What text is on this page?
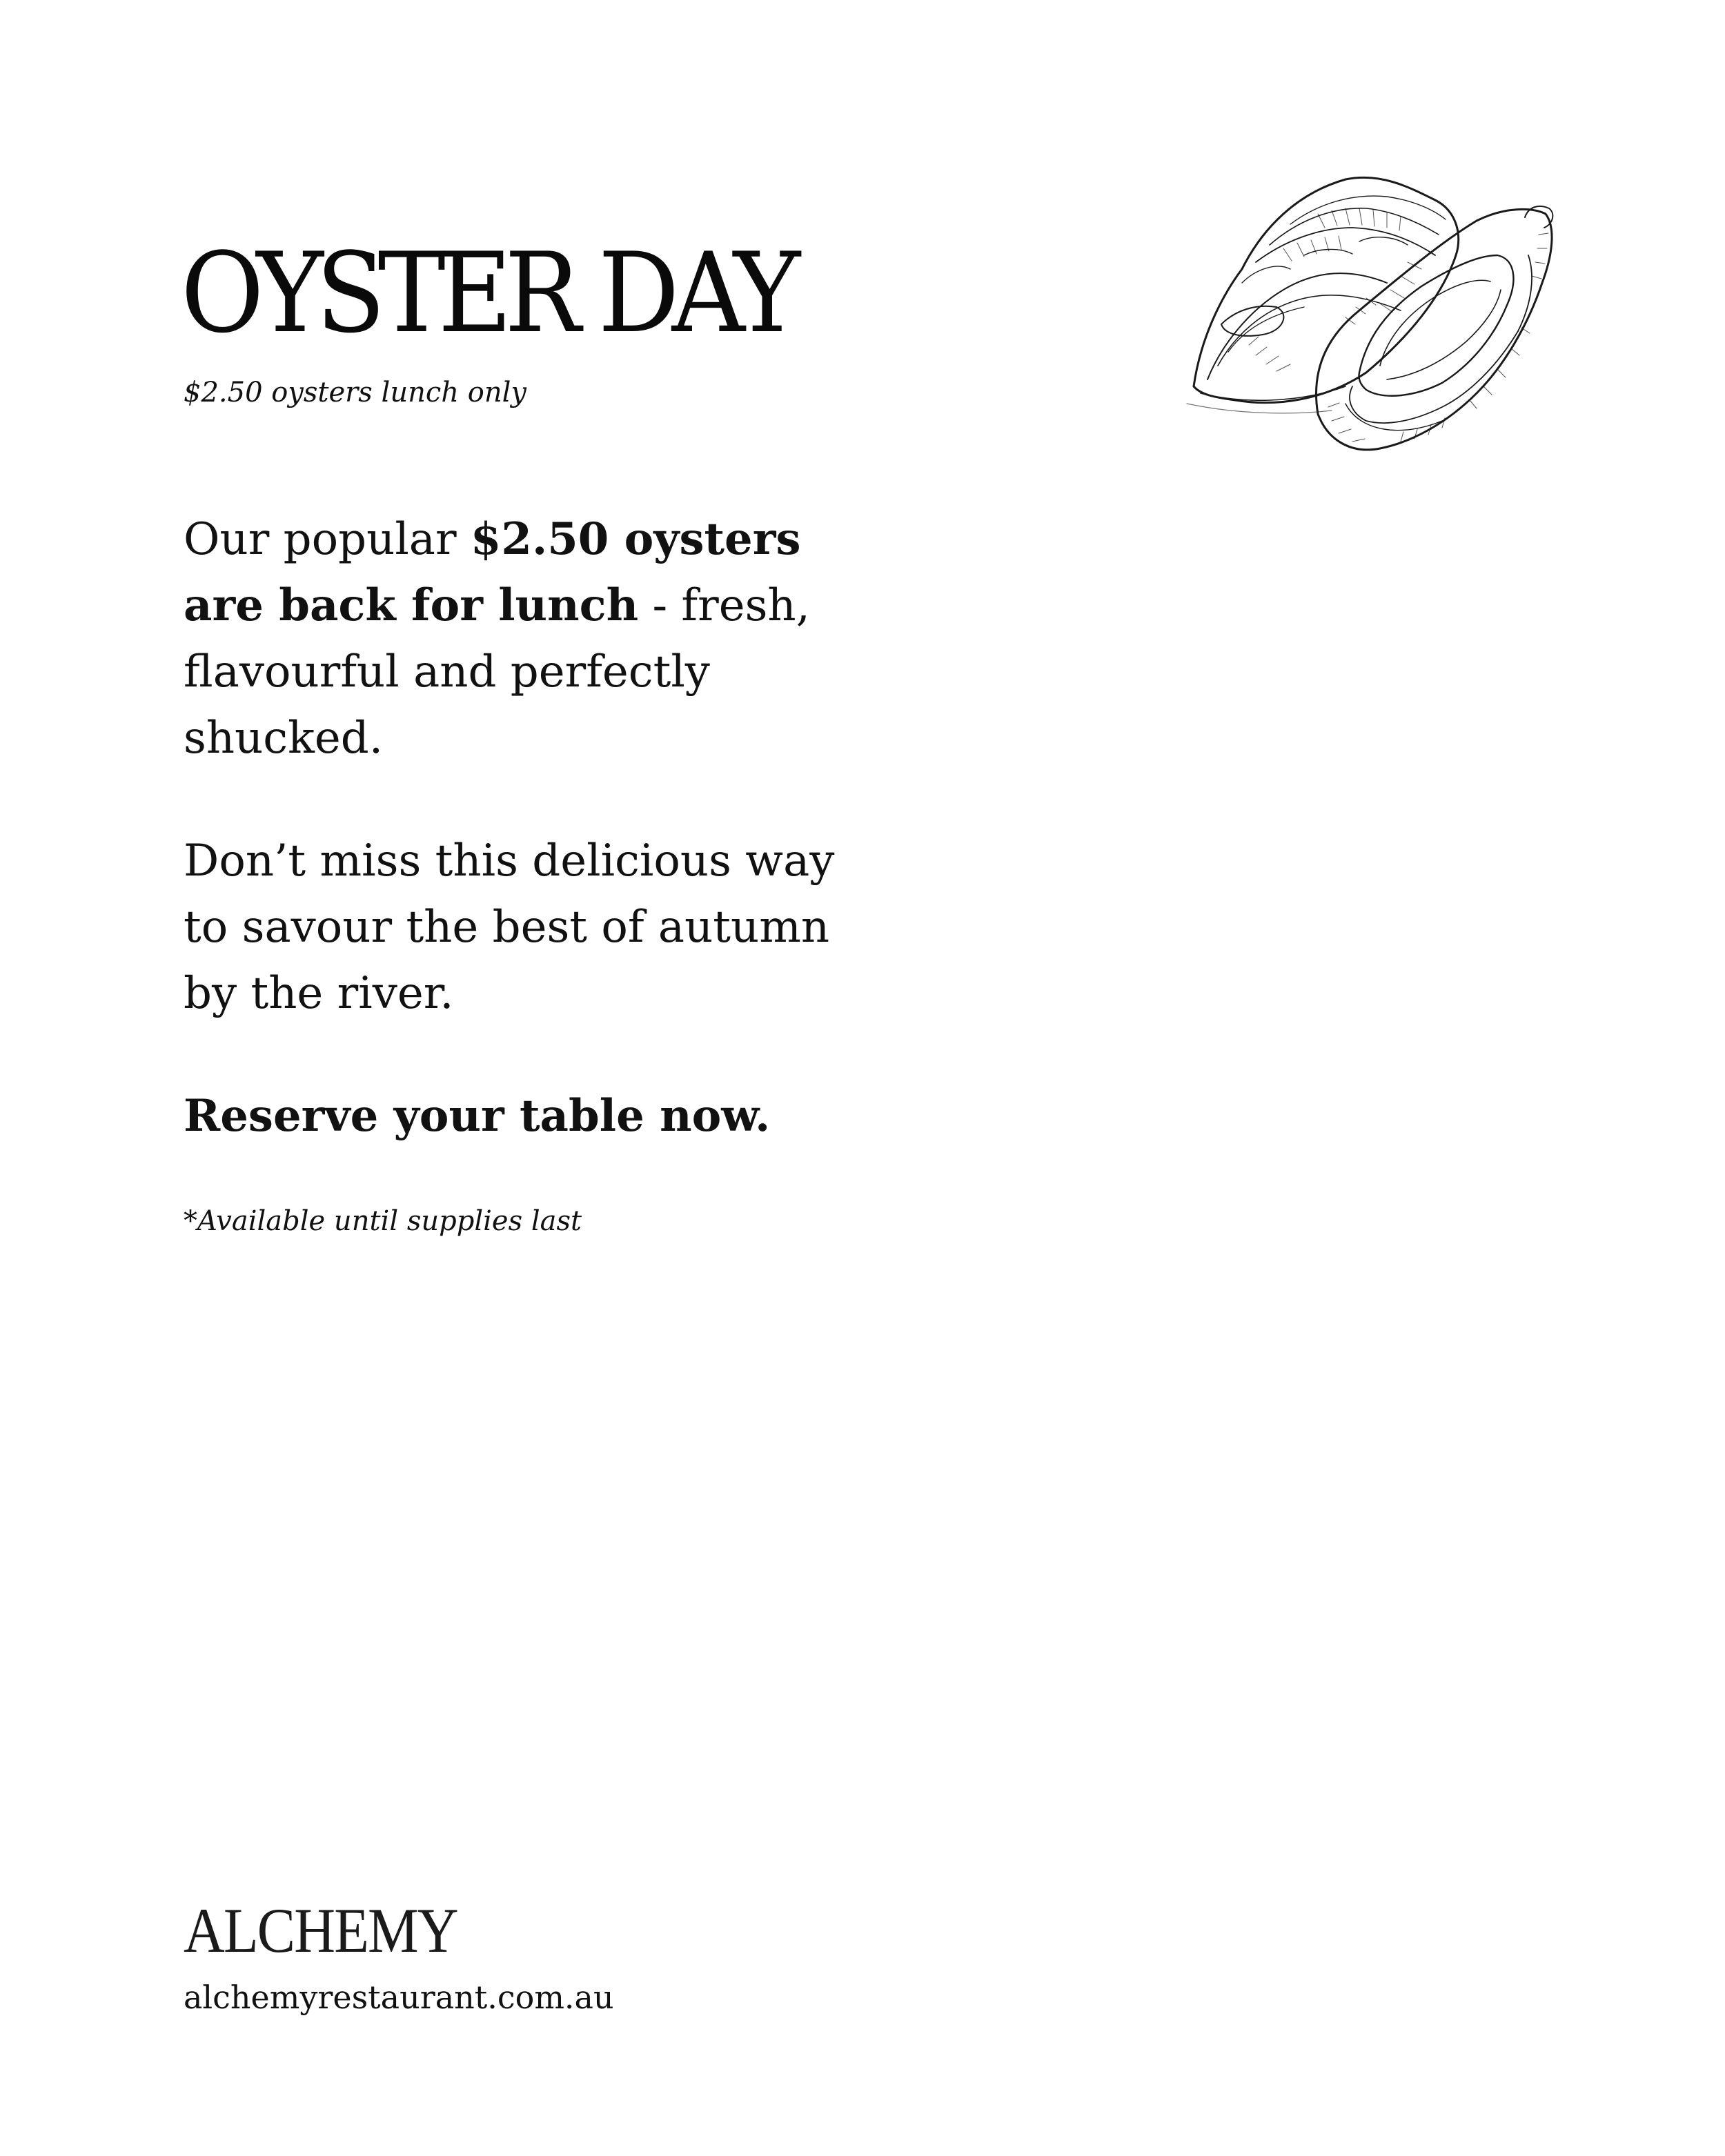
OYSTER DAY

$2.50 oysters lunch only

Our popular $2.50 oysters are back for lunch - fresh, flavourful and perfectly shucked.

Don’t miss this delicious way to savour the best of autumn by the river.

Reserve your table now.

*Available until supplies last

ALCHEMY

alchemyrestaurant.com.au
